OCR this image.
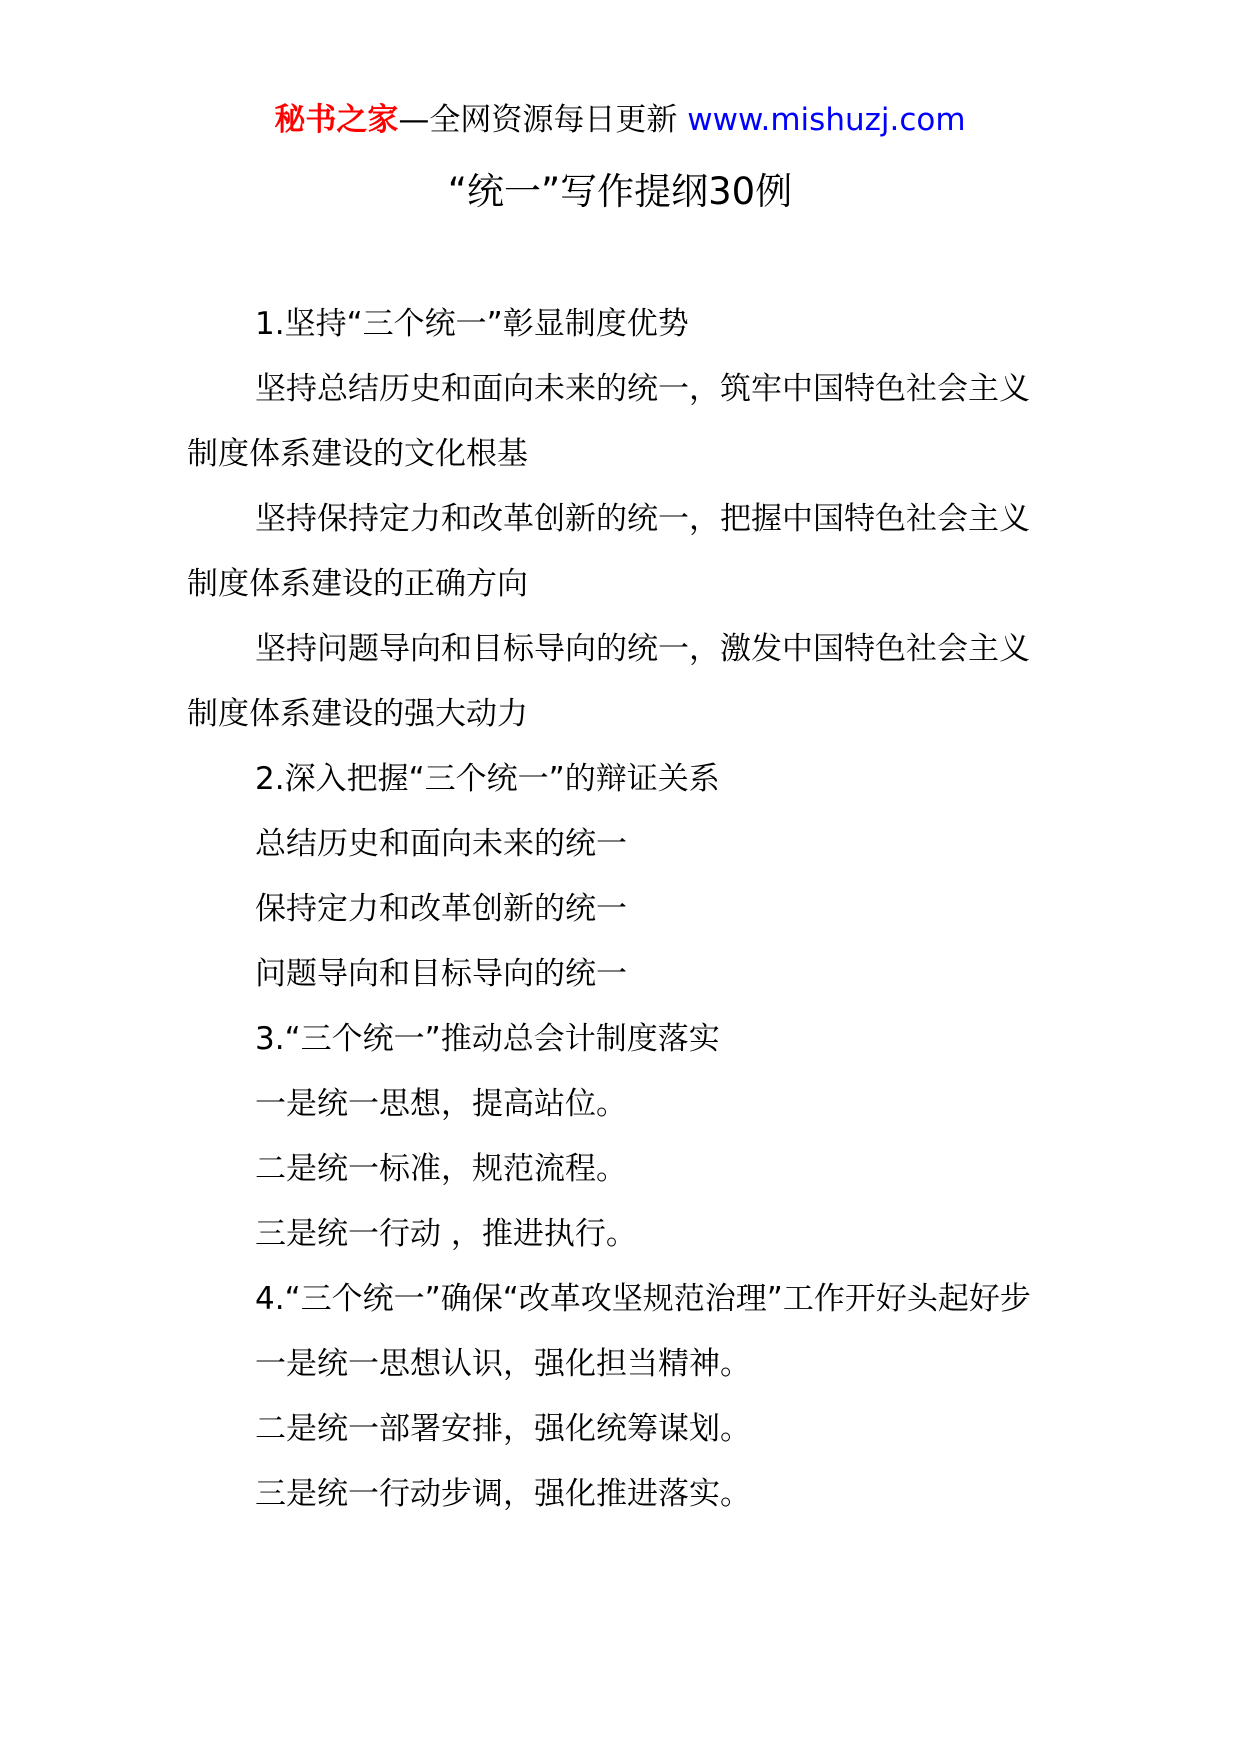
秘书之家—全网资源每日更新 www.mishuzj.com
“统一”写作提纲30例

1.坚持“三个统一”彰显制度优势

坚持总结历史和面向未来的统一，筑牢中国特色社会主义制度体系建设的文化根基

坚持保持定力和改革创新的统一，把握中国特色社会主义制度体系建设的正确方向

坚持问题导向和目标导向的统一，激发中国特色社会主义制度体系建设的强大动力

2.深入把握“三个统一”的辩证关系

总结历史和面向未来的统一

保持定力和改革创新的统一

问题导向和目标导向的统一

3.“三个统一”推动总会计制度落实

一是统一思想，提高站位。

二是统一标准，规范流程。

三是统一行动 ，推进执行。

4.“三个统一”确保“改革攻坚规范治理”工作开好头起好步

一是统一思想认识，强化担当精神。

二是统一部署安排，强化统筹谋划。

三是统一行动步调，强化推进落实。
